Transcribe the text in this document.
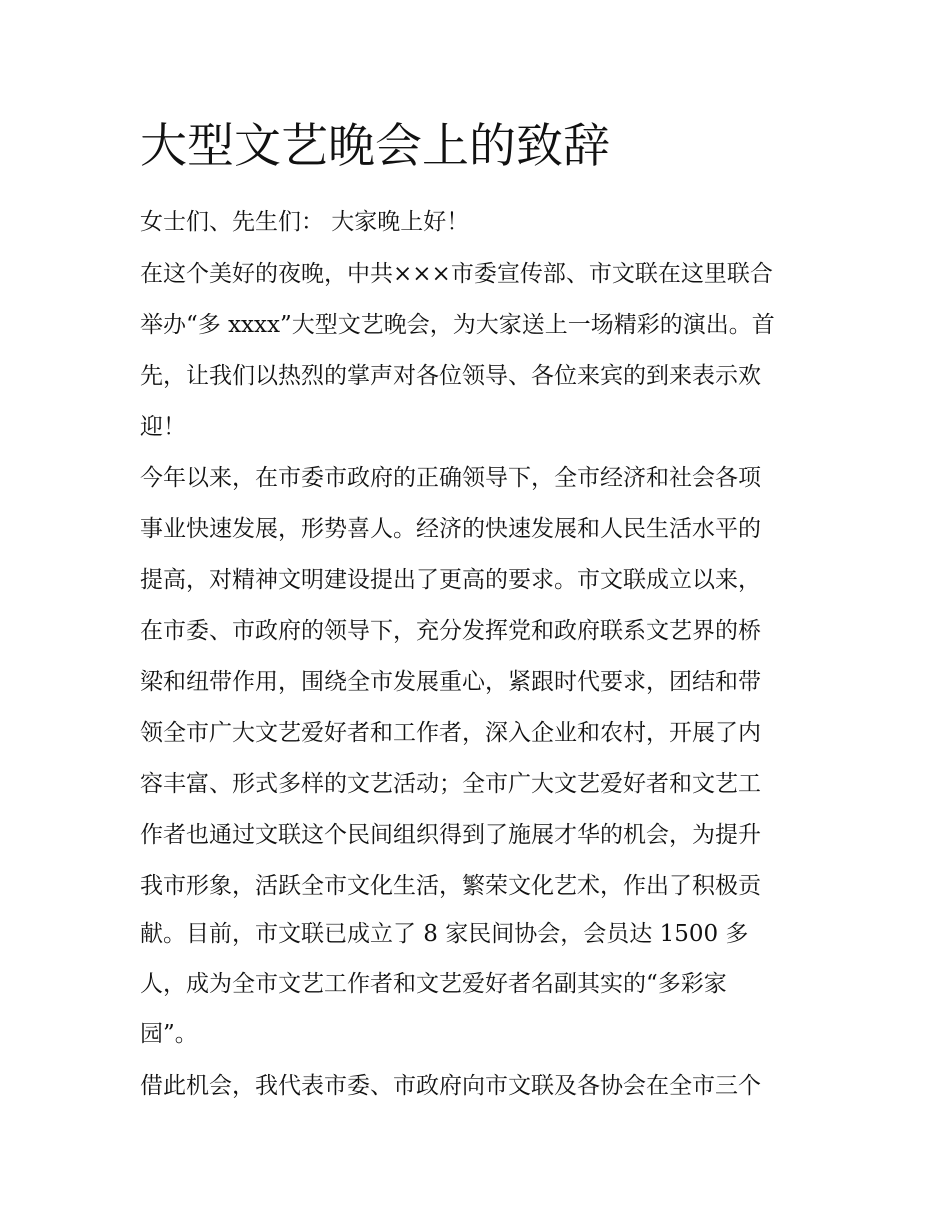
大型文艺晚会上的致辞
女士们、先生们： 大家晚上好！
在这个美好的夜晚，中共×××市委宣传部、市文联在这里联合
举办“多 xxxx”大型文艺晚会，为大家送上一场精彩的演出。首
先，让我们以热烈的掌声对各位领导、各位来宾的到来表示欢
迎！
今年以来，在市委市政府的正确领导下，全市经济和社会各项
事业快速发展，形势喜人。经济的快速发展和人民生活水平的
提高，对精神文明建设提出了更高的要求。市文联成立以来，
在市委、市政府的领导下，充分发挥党和政府联系文艺界的桥
梁和纽带作用，围绕全市发展重心，紧跟时代要求，团结和带
领全市广大文艺爱好者和工作者，深入企业和农村，开展了内
容丰富、形式多样的文艺活动；全市广大文艺爱好者和文艺工
作者也通过文联这个民间组织得到了施展才华的机会，为提升
我市形象，活跃全市文化生活，繁荣文化艺术，作出了积极贡
献。目前，市文联已成立了 8 家民间协会，会员达 1500 多
人，成为全市文艺工作者和文艺爱好者名副其实的“多彩家
园”。
借此机会，我代表市委、市政府向市文联及各协会在全市三个
